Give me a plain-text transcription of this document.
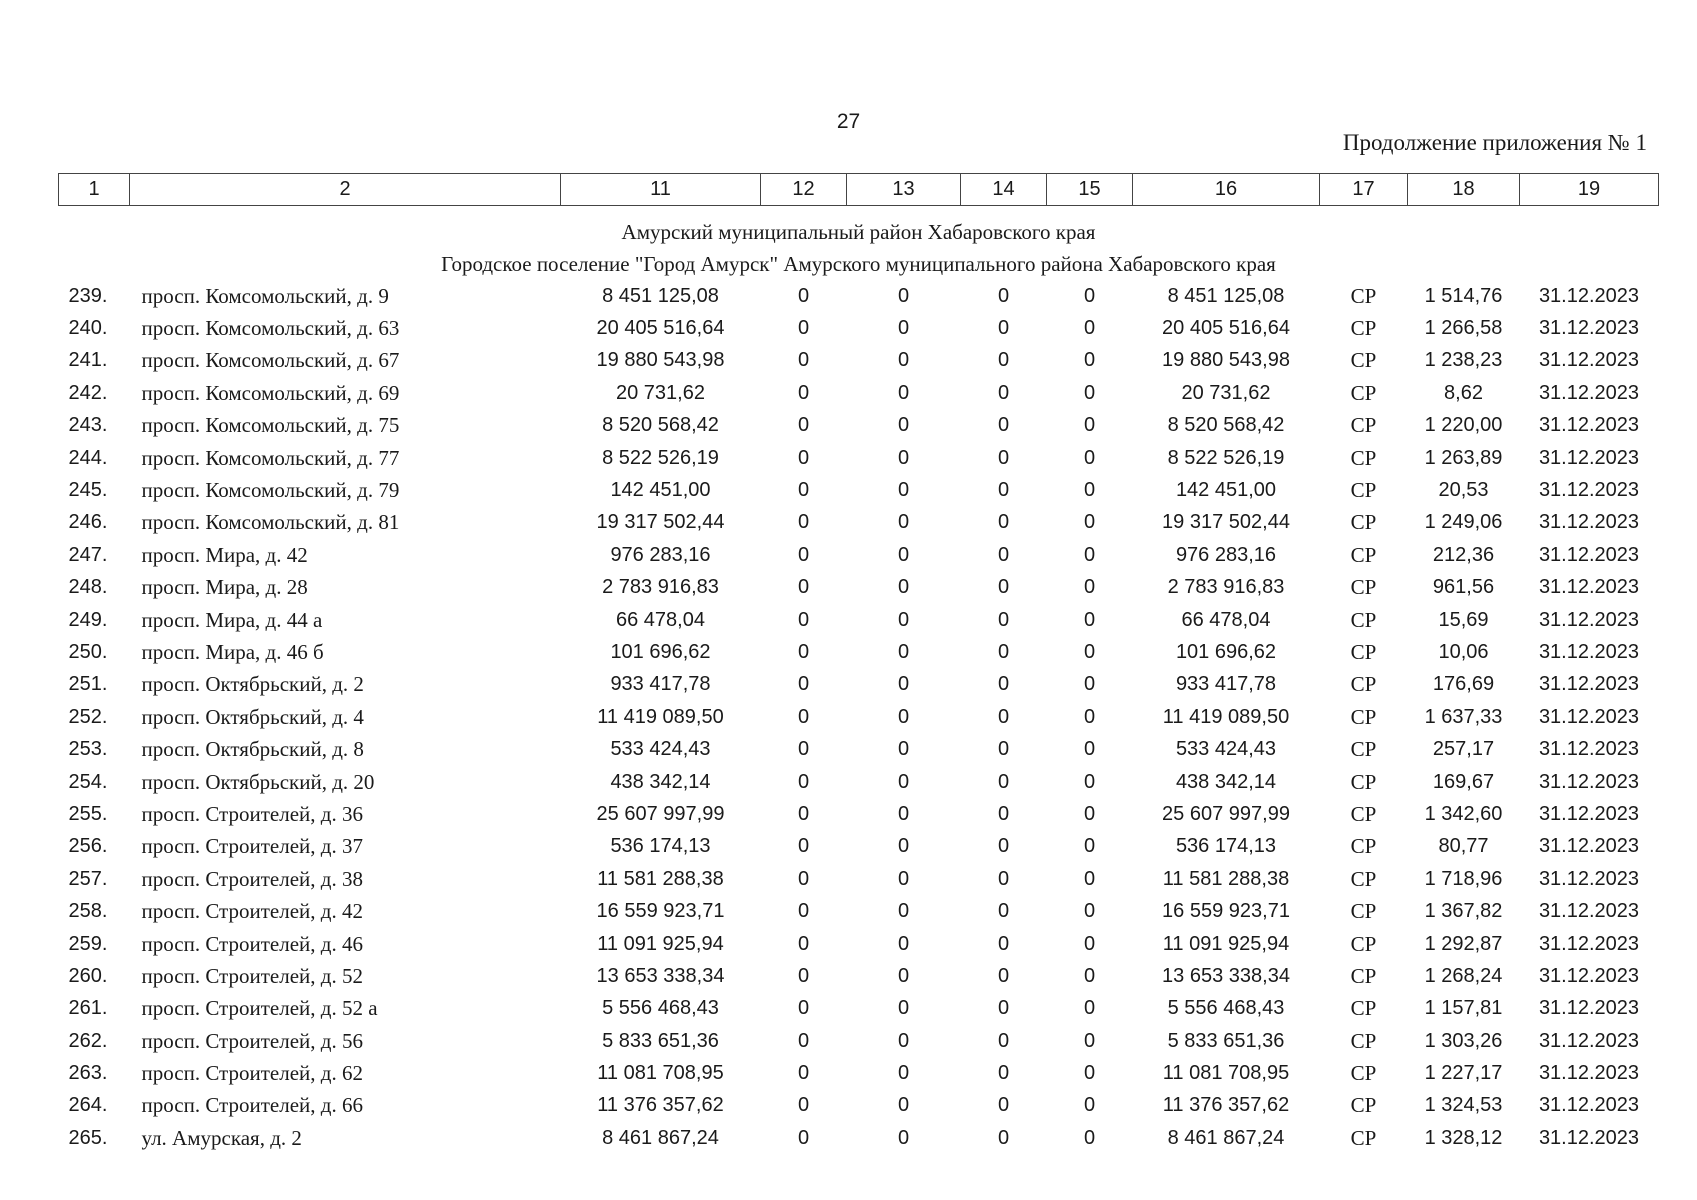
27
Продолжение приложения № 1
1	2	11	12	13	14	15	16	17	18	19

Амурский муниципальный район Хабаровского края										
Городское поселение "Город Амурск" Амурского муниципального района Хабаровского края										
239.	просп. Комсомольский, д. 9	8 451 125,08	0	0	0	0	8 451 125,08	СР	1 514,76	31.12.2023
240.	просп. Комсомольский, д. 63	20 405 516,64	0	0	0	0	20 405 516,64	СР	1 266,58	31.12.2023
241.	просп. Комсомольский, д. 67	19 880 543,98	0	0	0	0	19 880 543,98	СР	1 238,23	31.12.2023
242.	просп. Комсомольский, д. 69	20 731,62	0	0	0	0	20 731,62	СР	8,62	31.12.2023
243.	просп. Комсомольский, д. 75	8 520 568,42	0	0	0	0	8 520 568,42	СР	1 220,00	31.12.2023
244.	просп. Комсомольский, д. 77	8 522 526,19	0	0	0	0	8 522 526,19	СР	1 263,89	31.12.2023
245.	просп. Комсомольский, д. 79	142 451,00	0	0	0	0	142 451,00	СР	20,53	31.12.2023
246.	просп. Комсомольский, д. 81	19 317 502,44	0	0	0	0	19 317 502,44	СР	1 249,06	31.12.2023
247.	просп. Мира, д. 42	976 283,16	0	0	0	0	976 283,16	СР	212,36	31.12.2023
248.	просп. Мира, д. 28	2 783 916,83	0	0	0	0	2 783 916,83	СР	961,56	31.12.2023
249.	просп. Мира, д. 44 а	66 478,04	0	0	0	0	66 478,04	СР	15,69	31.12.2023
250.	просп. Мира, д. 46 б	101 696,62	0	0	0	0	101 696,62	СР	10,06	31.12.2023
251.	просп. Октябрьский, д. 2	933 417,78	0	0	0	0	933 417,78	СР	176,69	31.12.2023
252.	просп. Октябрьский, д. 4	11 419 089,50	0	0	0	0	11 419 089,50	СР	1 637,33	31.12.2023
253.	просп. Октябрьский, д. 8	533 424,43	0	0	0	0	533 424,43	СР	257,17	31.12.2023
254.	просп. Октябрьский, д. 20	438 342,14	0	0	0	0	438 342,14	СР	169,67	31.12.2023
255.	просп. Строителей, д. 36	25 607 997,99	0	0	0	0	25 607 997,99	СР	1 342,60	31.12.2023
256.	просп. Строителей, д. 37	536 174,13	0	0	0	0	536 174,13	СР	80,77	31.12.2023
257.	просп. Строителей, д. 38	11 581 288,38	0	0	0	0	11 581 288,38	СР	1 718,96	31.12.2023
258.	просп. Строителей, д. 42	16 559 923,71	0	0	0	0	16 559 923,71	СР	1 367,82	31.12.2023
259.	просп. Строителей, д. 46	11 091 925,94	0	0	0	0	11 091 925,94	СР	1 292,87	31.12.2023
260.	просп. Строителей, д. 52	13 653 338,34	0	0	0	0	13 653 338,34	СР	1 268,24	31.12.2023
261.	просп. Строителей, д. 52 а	5 556 468,43	0	0	0	0	5 556 468,43	СР	1 157,81	31.12.2023
262.	просп. Строителей, д. 56	5 833 651,36	0	0	0	0	5 833 651,36	СР	1 303,26	31.12.2023
263.	просп. Строителей, д. 62	11 081 708,95	0	0	0	0	11 081 708,95	СР	1 227,17	31.12.2023
264.	просп. Строителей, д. 66	11 376 357,62	0	0	0	0	11 376 357,62	СР	1 324,53	31.12.2023
265.	ул. Амурская, д. 2	8 461 867,24	0	0	0	0	8 461 867,24	СР	1 328,12	31.12.2023
